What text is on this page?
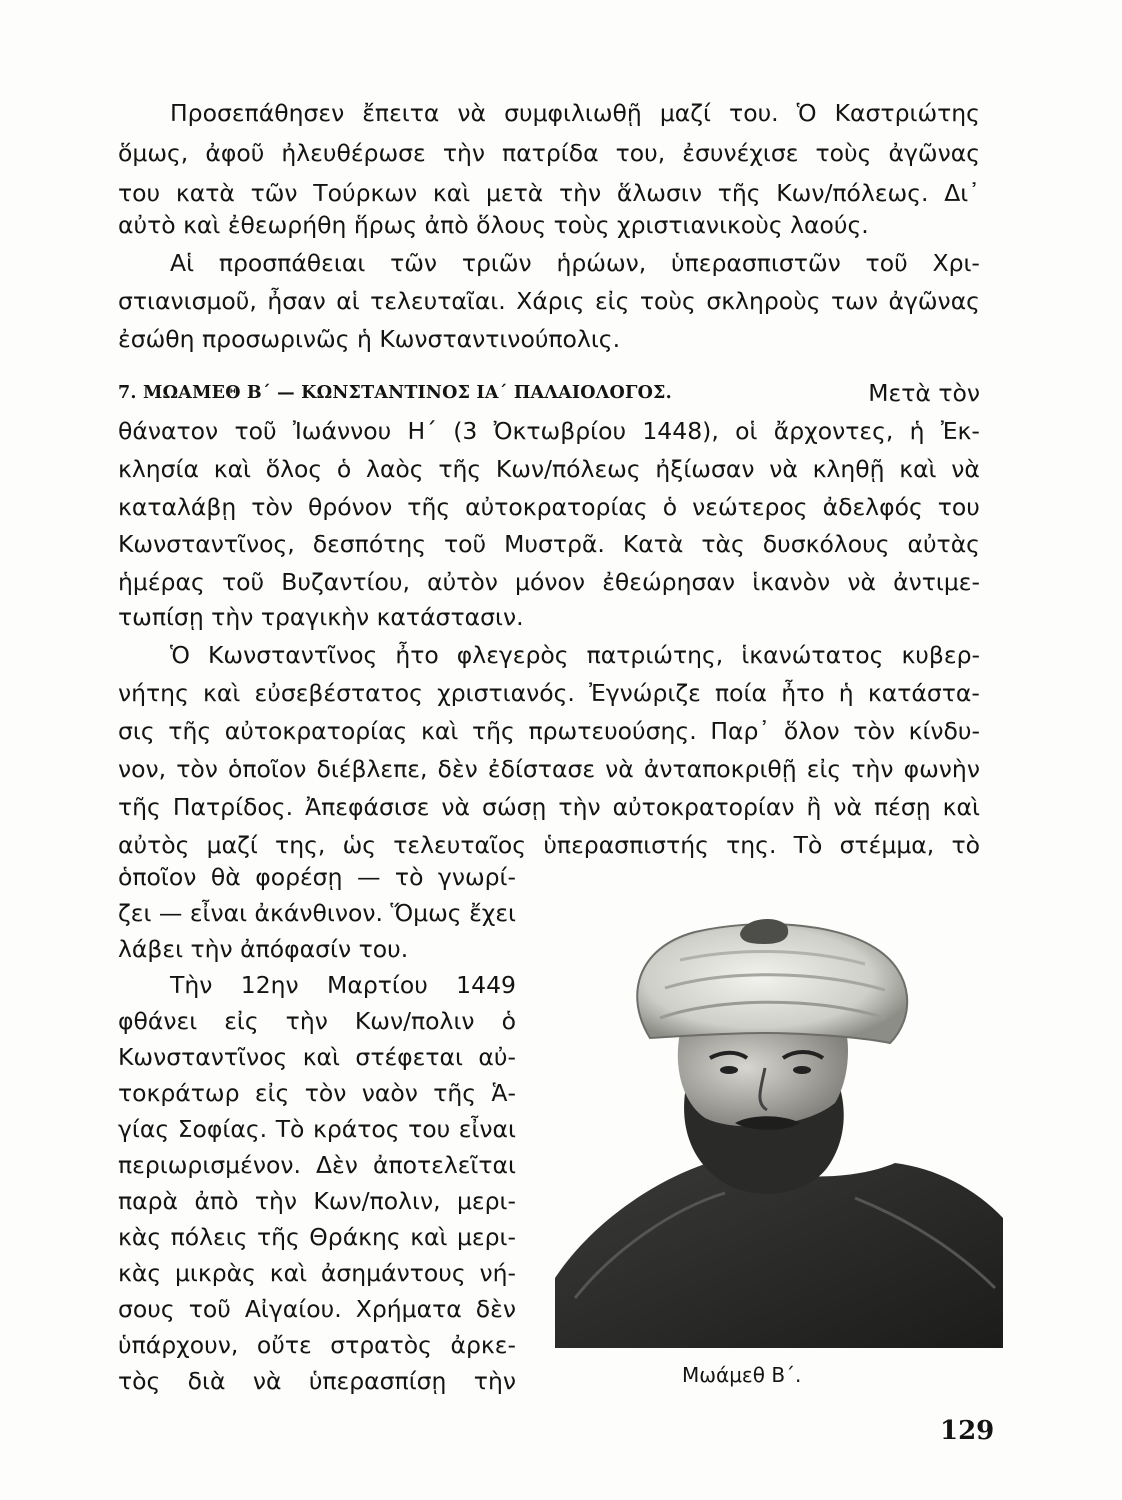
Προσεπάθησεν ἔπειτα νὰ συμφιλιωθῇ μαζί του. Ὁ Καστριώτης
ὅμως, ἀφοῦ ἠλευθέρωσε τὴν πατρίδα του, ἐσυνέχισε τοὺς ἀγῶνας
του κατὰ τῶν Τούρκων καὶ μετὰ τὴν ἅλωσιν τῆς Κων/πόλεως. Δι᾽
αὐτὸ καὶ ἐθεωρήθη ἥρως ἀπὸ ὅλους τοὺς χριστιανικοὺς λαούς.
Αἱ προσπάθειαι τῶν τριῶν ἡρώων, ὑπερασπιστῶν τοῦ Χρι-
στιανισμοῦ, ἦσαν αἱ τελευταῖαι. Χάρις εἰς τοὺς σκληροὺς των ἀγῶνας
ἐσώθη προσωρινῶς ἡ Κωνσταντινούπολις.
7. ΜΩΑΜΕΘ Β΄ — ΚΩΝΣΤΑΝΤΙΝΟΣ ΙΑ΄ ΠΑΛΑΙΟΛΟΓΟΣ.	Μετὰ τὸν
θάνατον τοῦ Ἰωάννου Η΄ (3 Ὀκτωβρίου 1448), οἱ ἄρχοντες, ἡ Ἐκ-
κλησία καὶ ὅλος ὁ λαὸς τῆς Κων/πόλεως ἠξίωσαν νὰ κληθῇ καὶ νὰ
καταλάβῃ τὸν θρόνον τῆς αὐτοκρατορίας ὁ νεώτερος ἀδελφός του
Κωνσταντῖνος, δεσπότης τοῦ Μυστρᾶ. Κατὰ τὰς δυσκόλους αὐτὰς
ἡμέρας τοῦ Βυζαντίου, αὐτὸν μόνον ἐθεώρησαν ἱκανὸν νὰ ἀντιμε-
τωπίσῃ τὴν τραγικὴν κατάστασιν.
Ὁ Κωνσταντῖνος ἦτο φλεγερὸς πατριώτης, ἱκανώτατος κυβερ-
νήτης καὶ εὐσεβέστατος χριστιανός. Ἐγνώριζε ποία ἦτο ἡ κατάστα-
σις τῆς αὐτοκρατορίας καὶ τῆς πρωτευούσης. Παρ᾽ ὅλον τὸν κίνδυ-
νον, τὸν ὁποῖον διέβλεπε, δὲν ἐδίστασε νὰ ἀνταποκριθῇ εἰς τὴν φωνὴν
τῆς Πατρίδος. Ἀπεφάσισε νὰ σώσῃ τὴν αὐτοκρατορίαν ἢ νὰ πέσῃ καὶ
αὐτὸς μαζί της, ὡς τελευταῖος ὑπερασπιστής της. Τὸ στέμμα, τὸ
ὁποῖον θὰ φορέσῃ — τὸ γνωρί-
ζει — εἶναι ἀκάνθινον. Ὅμως ἔχει
λάβει τὴν ἀπόφασίν του.
Τὴν 12ην Μαρτίου 1449
φθάνει εἰς τὴν Κων/πολιν ὁ
Κωνσταντῖνος καὶ στέφεται αὐ-
τοκράτωρ εἰς τὸν ναὸν τῆς Ἁ-
γίας Σοφίας. Τὸ κράτος του εἶναι
περιωρισμένον. Δὲν ἀποτελεῖται
παρὰ ἀπὸ τὴν Κων/πολιν, μερι-
κὰς πόλεις τῆς Θράκης καὶ μερι-
κὰς μικρὰς καὶ ἀσημάντους νή-
σους τοῦ Αἰγαίου. Χρήματα δὲν
ὑπάρχουν, οὔτε στρατὸς ἀρκε-
τὸς διὰ νὰ ὑπερασπίσῃ τὴν	Μωάμεθ Β΄.
129
